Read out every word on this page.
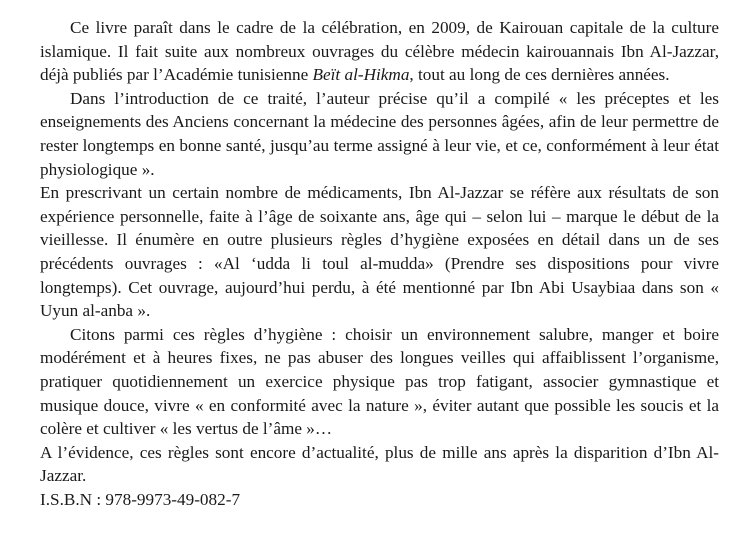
Ce livre paraît dans le cadre de la célébration, en 2009, de Kairouan capitale de la culture islamique. Il fait suite aux nombreux ouvrages du célèbre médecin kairouannais Ibn Al-Jazzar, déjà publiés par l’Académie tunisienne Beït al-Hikma, tout au long de ces dernières années.

Dans l’introduction de ce traité, l’auteur précise qu’il a compilé « les préceptes et les enseignements des Anciens concernant la médecine des personnes âgées, afin de leur permettre de rester longtemps en bonne santé, jusqu’au terme assigné à leur vie, et ce, conformément à leur état physiologique ».

En prescrivant un certain nombre de médicaments, Ibn Al-Jazzar se réfère aux résultats de son expérience personnelle, faite à l’âge de soixante ans, âge qui – selon lui – marque le début de la vieillesse. Il énumère en outre plusieurs règles d’hygiène exposées en détail dans un de ses précédents ouvrages : «Al ‘udda li toul al-mudda» (Prendre ses dispositions pour vivre longtemps). Cet ouvrage, aujourd’hui perdu, à été mentionné par Ibn Abi Usaybiaa dans son « Uyun al-anba ».

Citons parmi ces règles d’hygiène : choisir un environnement salubre, manger et boire modérément et à heures fixes, ne pas abuser des longues veilles qui affaiblissent l’organisme, pratiquer quotidiennement un exercice physique pas trop fatigant, associer gymnastique et musique douce, vivre « en conformité avec la nature », éviter autant que possible les soucis et la colère et cultiver « les vertus de l’âme »…

A l’évidence, ces règles sont encore d’actualité, plus de mille ans après la disparition d’Ibn Al-Jazzar.

I.S.B.N : 978-9973-49-082-7
